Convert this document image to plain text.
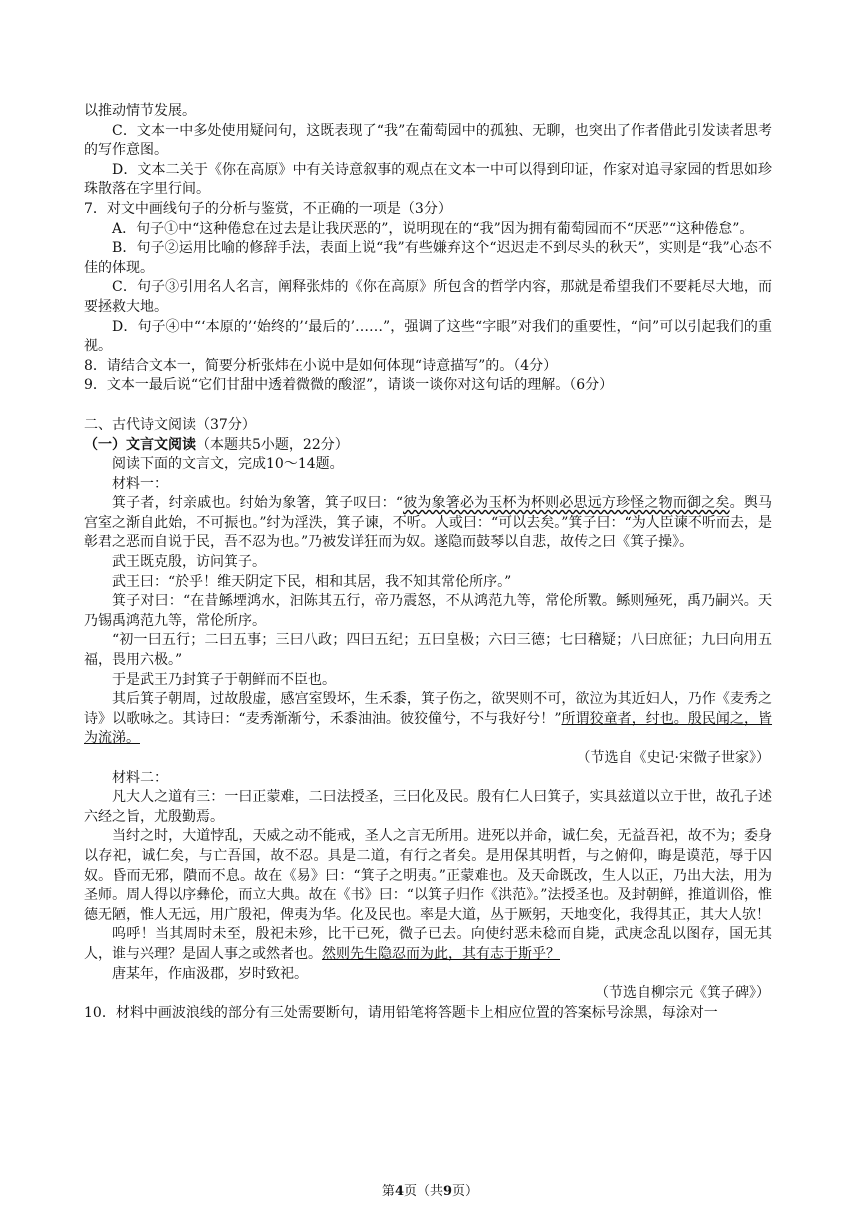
以推动情节发展。

C．文本一中多处使用疑问句，这既表现了“我”在葡萄园中的孤独、无聊，也突出了作者借此引发读者思考的写作意图。

D．文本二关于《你在高原》中有关诗意叙事的观点在文本一中可以得到印证，作家对追寻家园的哲思如珍珠散落在字里行间。

7．对文中画线句子的分析与鉴赏，不正确的一项是（3分）

A．句子①中“这种倦怠在过去是让我厌恶的”，说明现在的“我”因为拥有葡萄园而不“厌恶”“这种倦怠”。

B．句子②运用比喻的修辞手法，表面上说“我”有些嫌弃这个“迟迟走不到尽头的秋天”，实则是“我”心态不佳的体现。

C．句子③引用名人名言，阐释张炜的《你在高原》所包含的哲学内容，那就是希望我们不要耗尽大地，而要拯救大地。

D．句子④中“‘本原的’‘始终的’‘最后的’……”，强调了这些“字眼”对我们的重要性，“问”可以引起我们的重视。

8．请结合文本一，简要分析张炜在小说中是如何体现“诗意描写”的。（4分）

9．文本一最后说“它们甘甜中透着微微的酸涩”，请谈一谈你对这句话的理解。（6分）

二、古代诗文阅读（37分）

（一）文言文阅读（本题共5小题，22分）

阅读下面的文言文，完成10～14题。

材料一：

箕子者，纣亲戚也。纣始为象箸，箕子叹曰：“彼为象箸必为玉杯为杯则必思远方珍怪之物而御之矣。舆马宫室之渐自此始，不可振也。”纣为淫泆，箕子谏，不听。人或曰：“可以去矣。”箕子曰：“为人臣谏不听而去，是彰君之恶而自说于民，吾不忍为也。”乃被发详狂而为奴。遂隐而鼓琴以自悲，故传之曰《箕子操》。

武王既克殷，访问箕子。

武王曰：“於乎！维天阴定下民，相和其居，我不知其常伦所序。”

箕子对曰：“在昔鲧堙鸿水，汩陈其五行，帝乃震怒，不从鸿范九等，常伦所斁。鲧则殛死，禹乃嗣兴。天乃锡禹鸿范九等，常伦所序。

“初一曰五行；二曰五事；三曰八政；四曰五纪；五曰皇极；六曰三德；七曰稽疑；八曰庶征；九曰向用五福，畏用六极。”

于是武王乃封箕子于朝鲜而不臣也。

其后箕子朝周，过故殷虚，感宫室毁坏，生禾黍，箕子伤之，欲哭则不可，欲泣为其近妇人，乃作《麦秀之诗》以歌咏之。其诗曰：“麦秀渐渐兮，禾黍油油。彼狡僮兮，不与我好兮！”所谓狡童者，纣也。殷民闻之，皆为流涕。

（节选自《史记·宋微子世家》）

材料二：

凡大人之道有三：一曰正蒙难，二曰法授圣，三曰化及民。殷有仁人曰箕子，实具兹道以立于世，故孔子述六经之旨，尤殷勤焉。

当纣之时，大道悖乱，天威之动不能戒，圣人之言无所用。进死以并命，诚仁矣，无益吾祀，故不为；委身以存祀，诚仁矣，与亡吾国，故不忍。具是二道，有行之者矣。是用保其明哲，与之俯仰，晦是谟范，辱于囚奴。昏而无邪，隤而不息。故在《易》曰：“箕子之明夷。”正蒙难也。及天命既改，生人以正，乃出大法，用为圣师。周人得以序彝伦，而立大典。故在《书》曰：“以箕子归作《洪范》。”法授圣也。及封朝鲜，推道训俗，惟德无陋，惟人无远，用广殷祀，俾夷为华。化及民也。率是大道，丛于厥躬，天地变化，我得其正，其大人欤！

呜呼！当其周时未至，殷祀未殄，比干已死，微子已去。向使纣恶未稔而自毙，武庚念乱以图存，国无其人，谁与兴理？是固人事之或然者也。然则先生隐忍而为此，其有志于斯乎？

唐某年，作庙汲郡，岁时致祀。

（节选自柳宗元《箕子碑》）

10．材料中画波浪线的部分有三处需要断句，请用铅笔将答题卡上相应位置的答案标号涂黑，每涂对一

第4页（共9页）
